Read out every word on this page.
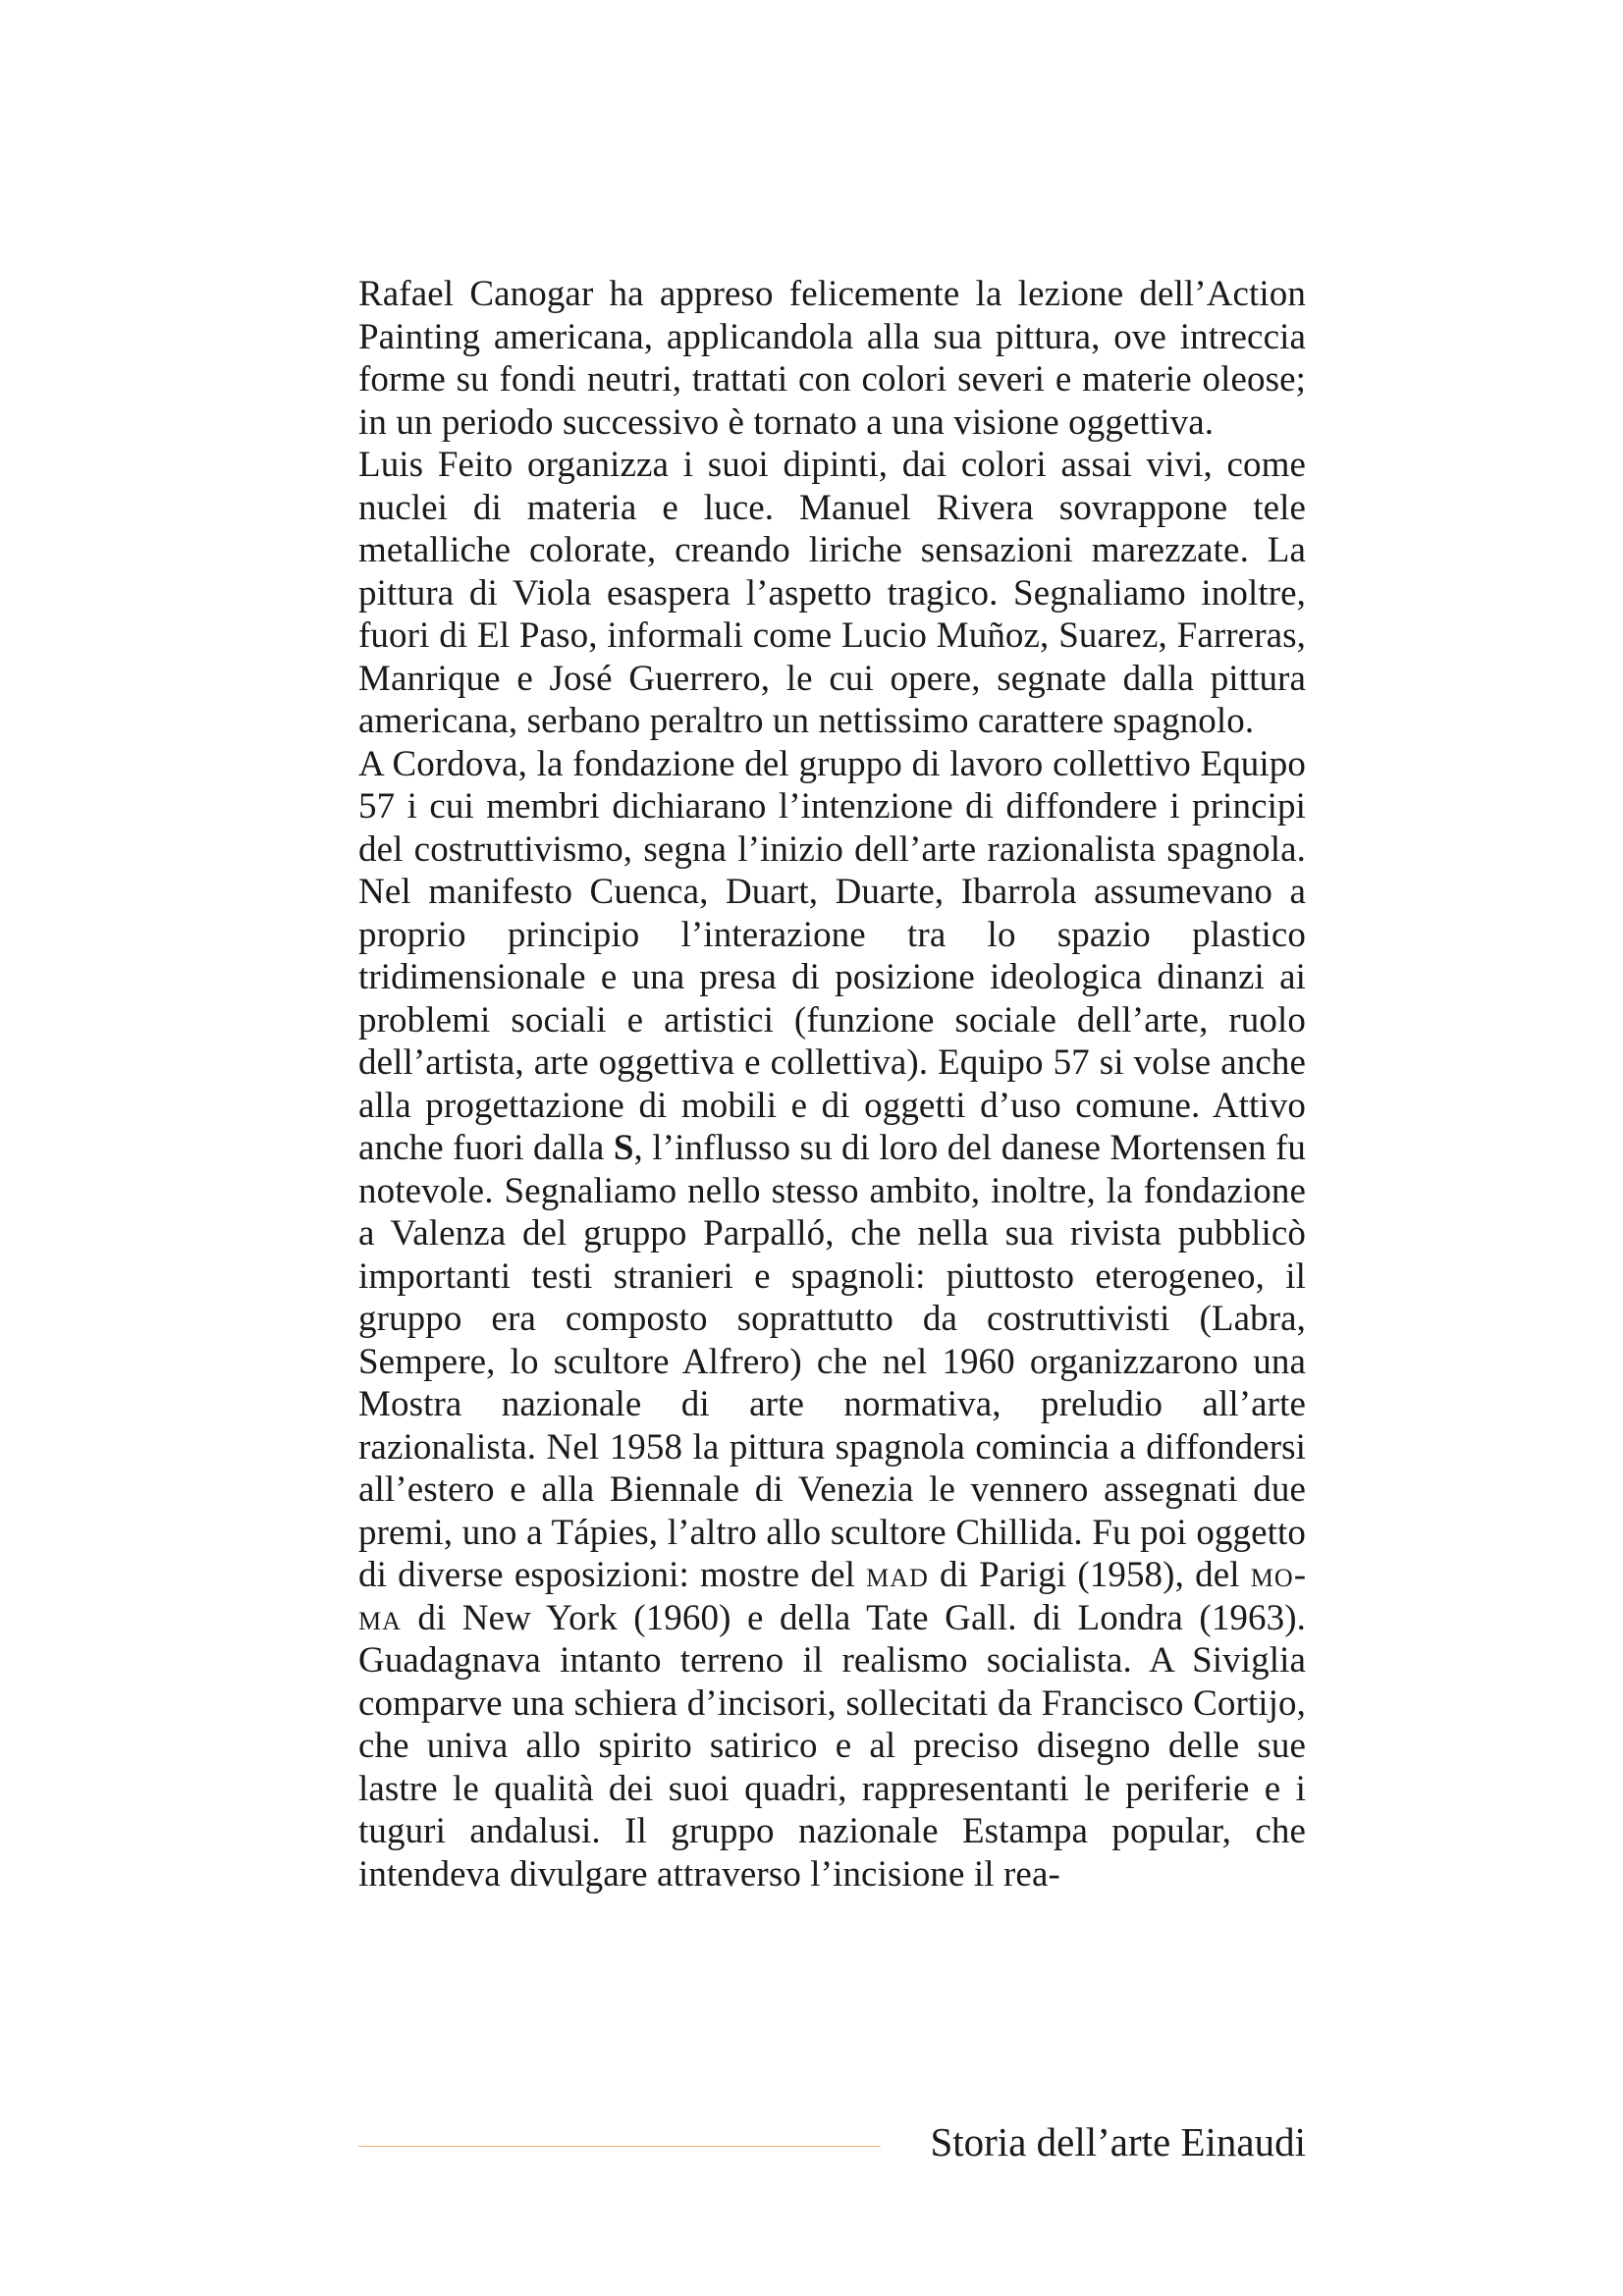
Rafael Canogar ha appreso felicemente la lezione dell’Action Painting americana, applicandola alla sua pittura, ove intreccia forme su fondi neutri, trattati con colori severi e materie oleose; in un periodo successivo è tornato a una visione oggettiva.

Luis Feito organizza i suoi dipinti, dai colori assai vivi, come nuclei di materia e luce. Manuel Rivera sovrappone tele metalliche colorate, creando liriche sensazioni marezzate. La pittura di Viola esaspera l’aspetto tragico. Segnaliamo inoltre, fuori di El Paso, informali come Lucio Muñoz, Suarez, Farreras, Manrique e José Guerrero, le cui opere, segnate dalla pittura americana, serbano peraltro un nettissimo carattere spagnolo.

A Cordova, la fondazione del gruppo di lavoro collettivo Equipo 57 i cui membri dichiarano l’intenzione di diffondere i principi del costruttivismo, segna l’inizio dell’arte razionalista spagnola. Nel manifesto Cuenca, Duart, Duarte, Ibarrola assumevano a proprio principio l’interazione tra lo spazio plastico tridimensionale e una presa di posizione ideologica dinanzi ai problemi sociali e artistici (funzione sociale dell’arte, ruolo dell’artista, arte oggettiva e collettiva). Equipo 57 si volse anche alla progettazione di mobili e di oggetti d’uso comune. Attivo anche fuori dalla S, l’influsso su di loro del danese Mortensen fu notevole. Segnaliamo nello stesso ambito, inoltre, la fondazione a Valenza del gruppo Parpalló, che nella sua rivista pubblicò importanti testi stranieri e spagnoli: piuttosto eterogeneo, il gruppo era composto soprattutto da costruttivisti (Labra, Sempere, lo scultore Alfrero) che nel 1960 organizzarono una Mostra nazionale di arte normativa, preludio all’arte razionalista. Nel 1958 la pittura spagnola comincia a diffondersi all’estero e alla Biennale di Venezia le vennero assegnati due premi, uno a Tápies, l’altro allo scultore Chillida. Fu poi oggetto di diverse esposizioni: mostre del mad di Parigi (1958), del moma di New York (1960) e della Tate Gall. di Londra (1963). Guadagnava intanto terreno il realismo socialista. A Siviglia comparve una schiera d’incisori, sollecitati da Francisco Cortijo, che univa allo spirito satirico e al preciso disegno delle sue lastre le qualità dei suoi quadri, rappresentanti le periferie e i tuguri andalusi. Il gruppo nazionale Estampa popular, che intendeva divulgare attraverso l’incisione il rea-

Storia dell’arte Einaudi
